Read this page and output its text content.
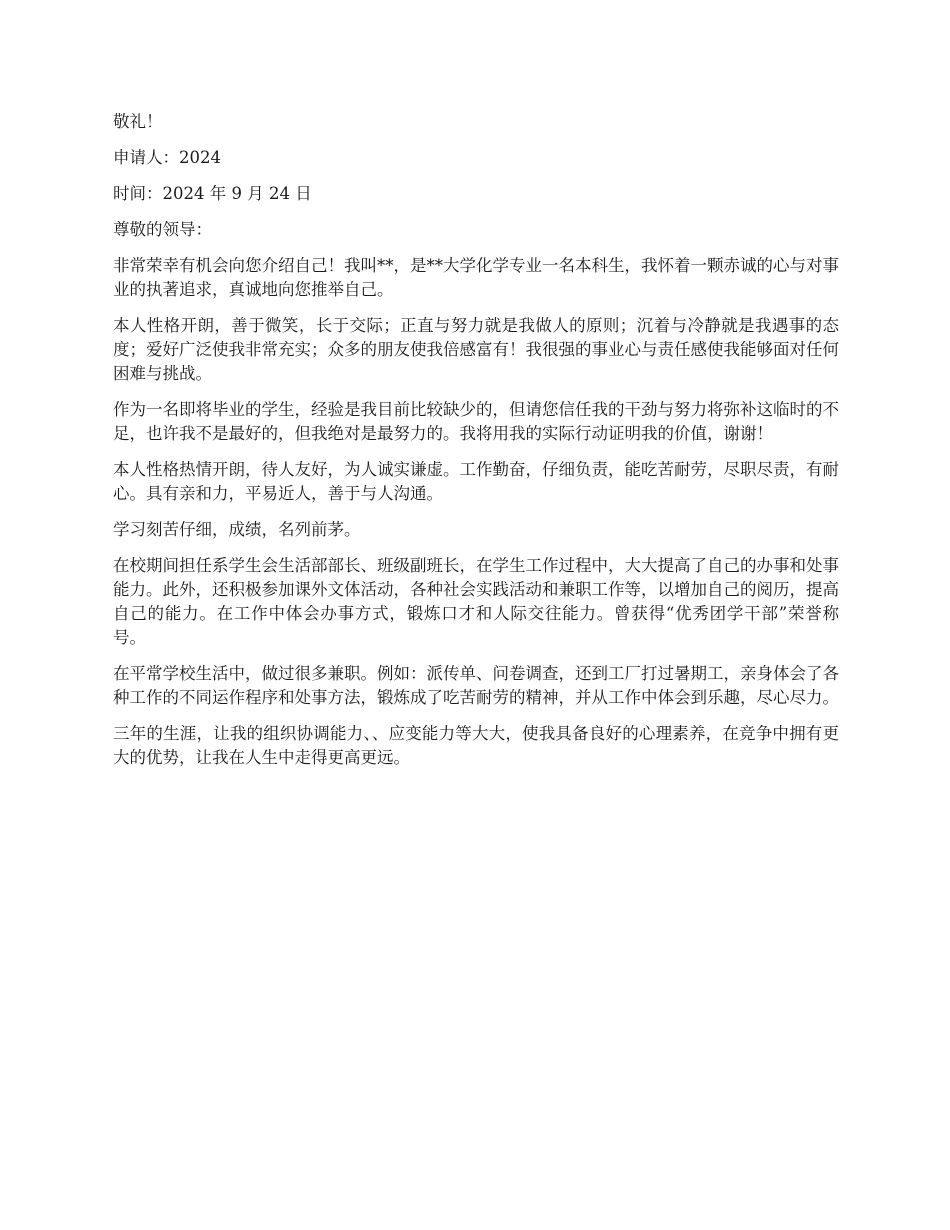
敬礼！

申请人：2024

时间：2024 年 9 月 24 日

尊敬的领导：

非常荣幸有机会向您介绍自己！我叫**，是**大学化学专业一名本科生，我怀着一颗赤诚的心与对事业的执著追求，真诚地向您推举自己。

本人性格开朗，善于微笑，长于交际；正直与努力就是我做人的原则；沉着与冷静就是我遇事的态度；爱好广泛使我非常充实；众多的朋友使我倍感富有！我很强的事业心与责任感使我能够面对任何困难与挑战。

作为一名即将毕业的学生，经验是我目前比较缺少的，但请您信任我的干劲与努力将弥补这临时的不足，也许我不是最好的，但我绝对是最努力的。我将用我的实际行动证明我的价值，谢谢！

本人性格热情开朗，待人友好，为人诚实谦虚。工作勤奋，仔细负责，能吃苦耐劳，尽职尽责，有耐心。具有亲和力，平易近人，善于与人沟通。

学习刻苦仔细，成绩，名列前茅。

在校期间担任系学生会生活部部长、班级副班长，在学生工作过程中，大大提高了自己的办事和处事能力。此外，还积极参加课外文体活动，各种社会实践活动和兼职工作等，以增加自己的阅历，提高自己的能力。在工作中体会办事方式，锻炼口才和人际交往能力。曾获得“优秀团学干部”荣誉称号。

在平常学校生活中，做过很多兼职。例如：派传单、问卷调查，还到工厂打过暑期工，亲身体会了各种工作的不同运作程序和处事方法，锻炼成了吃苦耐劳的精神，并从工作中体会到乐趣，尽心尽力。

三年的生涯，让我的组织协调能力、、应变能力等大大，使我具备良好的心理素养，在竞争中拥有更大的优势，让我在人生中走得更高更远。
